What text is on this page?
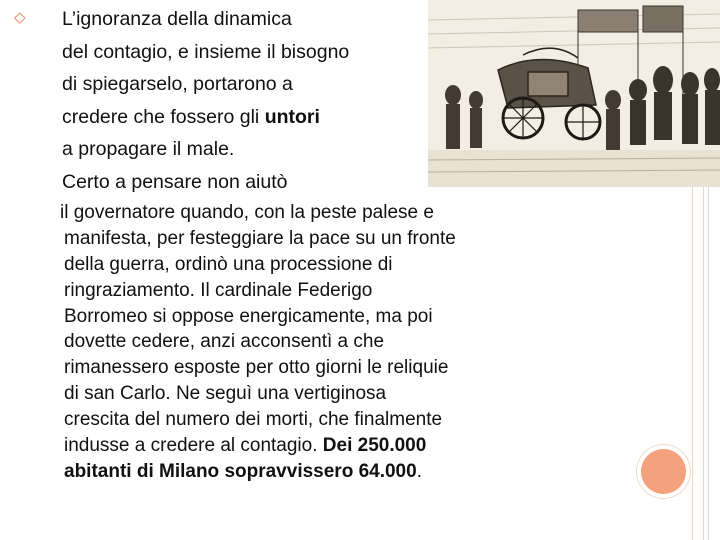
◇ L’ignoranza della dinamica
del contagio, e insieme il bisogno
di spiegarselo, portarono a
credere che fossero gli untori
a propagare il male.
Certo a pensare non aiutò
il governatore quando, con la peste palese e
manifesta, per festeggiare la pace su un fronte
della guerra, ordinò una processione di
ringraziamento. Il cardinale Federigo
Borromeo si oppose energicamente, ma poi
dovette cedere, anzi acconsentì a che
rimanessero esposte per otto giorni le reliquie
di san Carlo. Ne seguì una vertiginosa
crescita del numero dei morti, che finalmente
indusse a credere al contagio. Dei 250.000
abitanti di Milano sopravvissero 64.000.
